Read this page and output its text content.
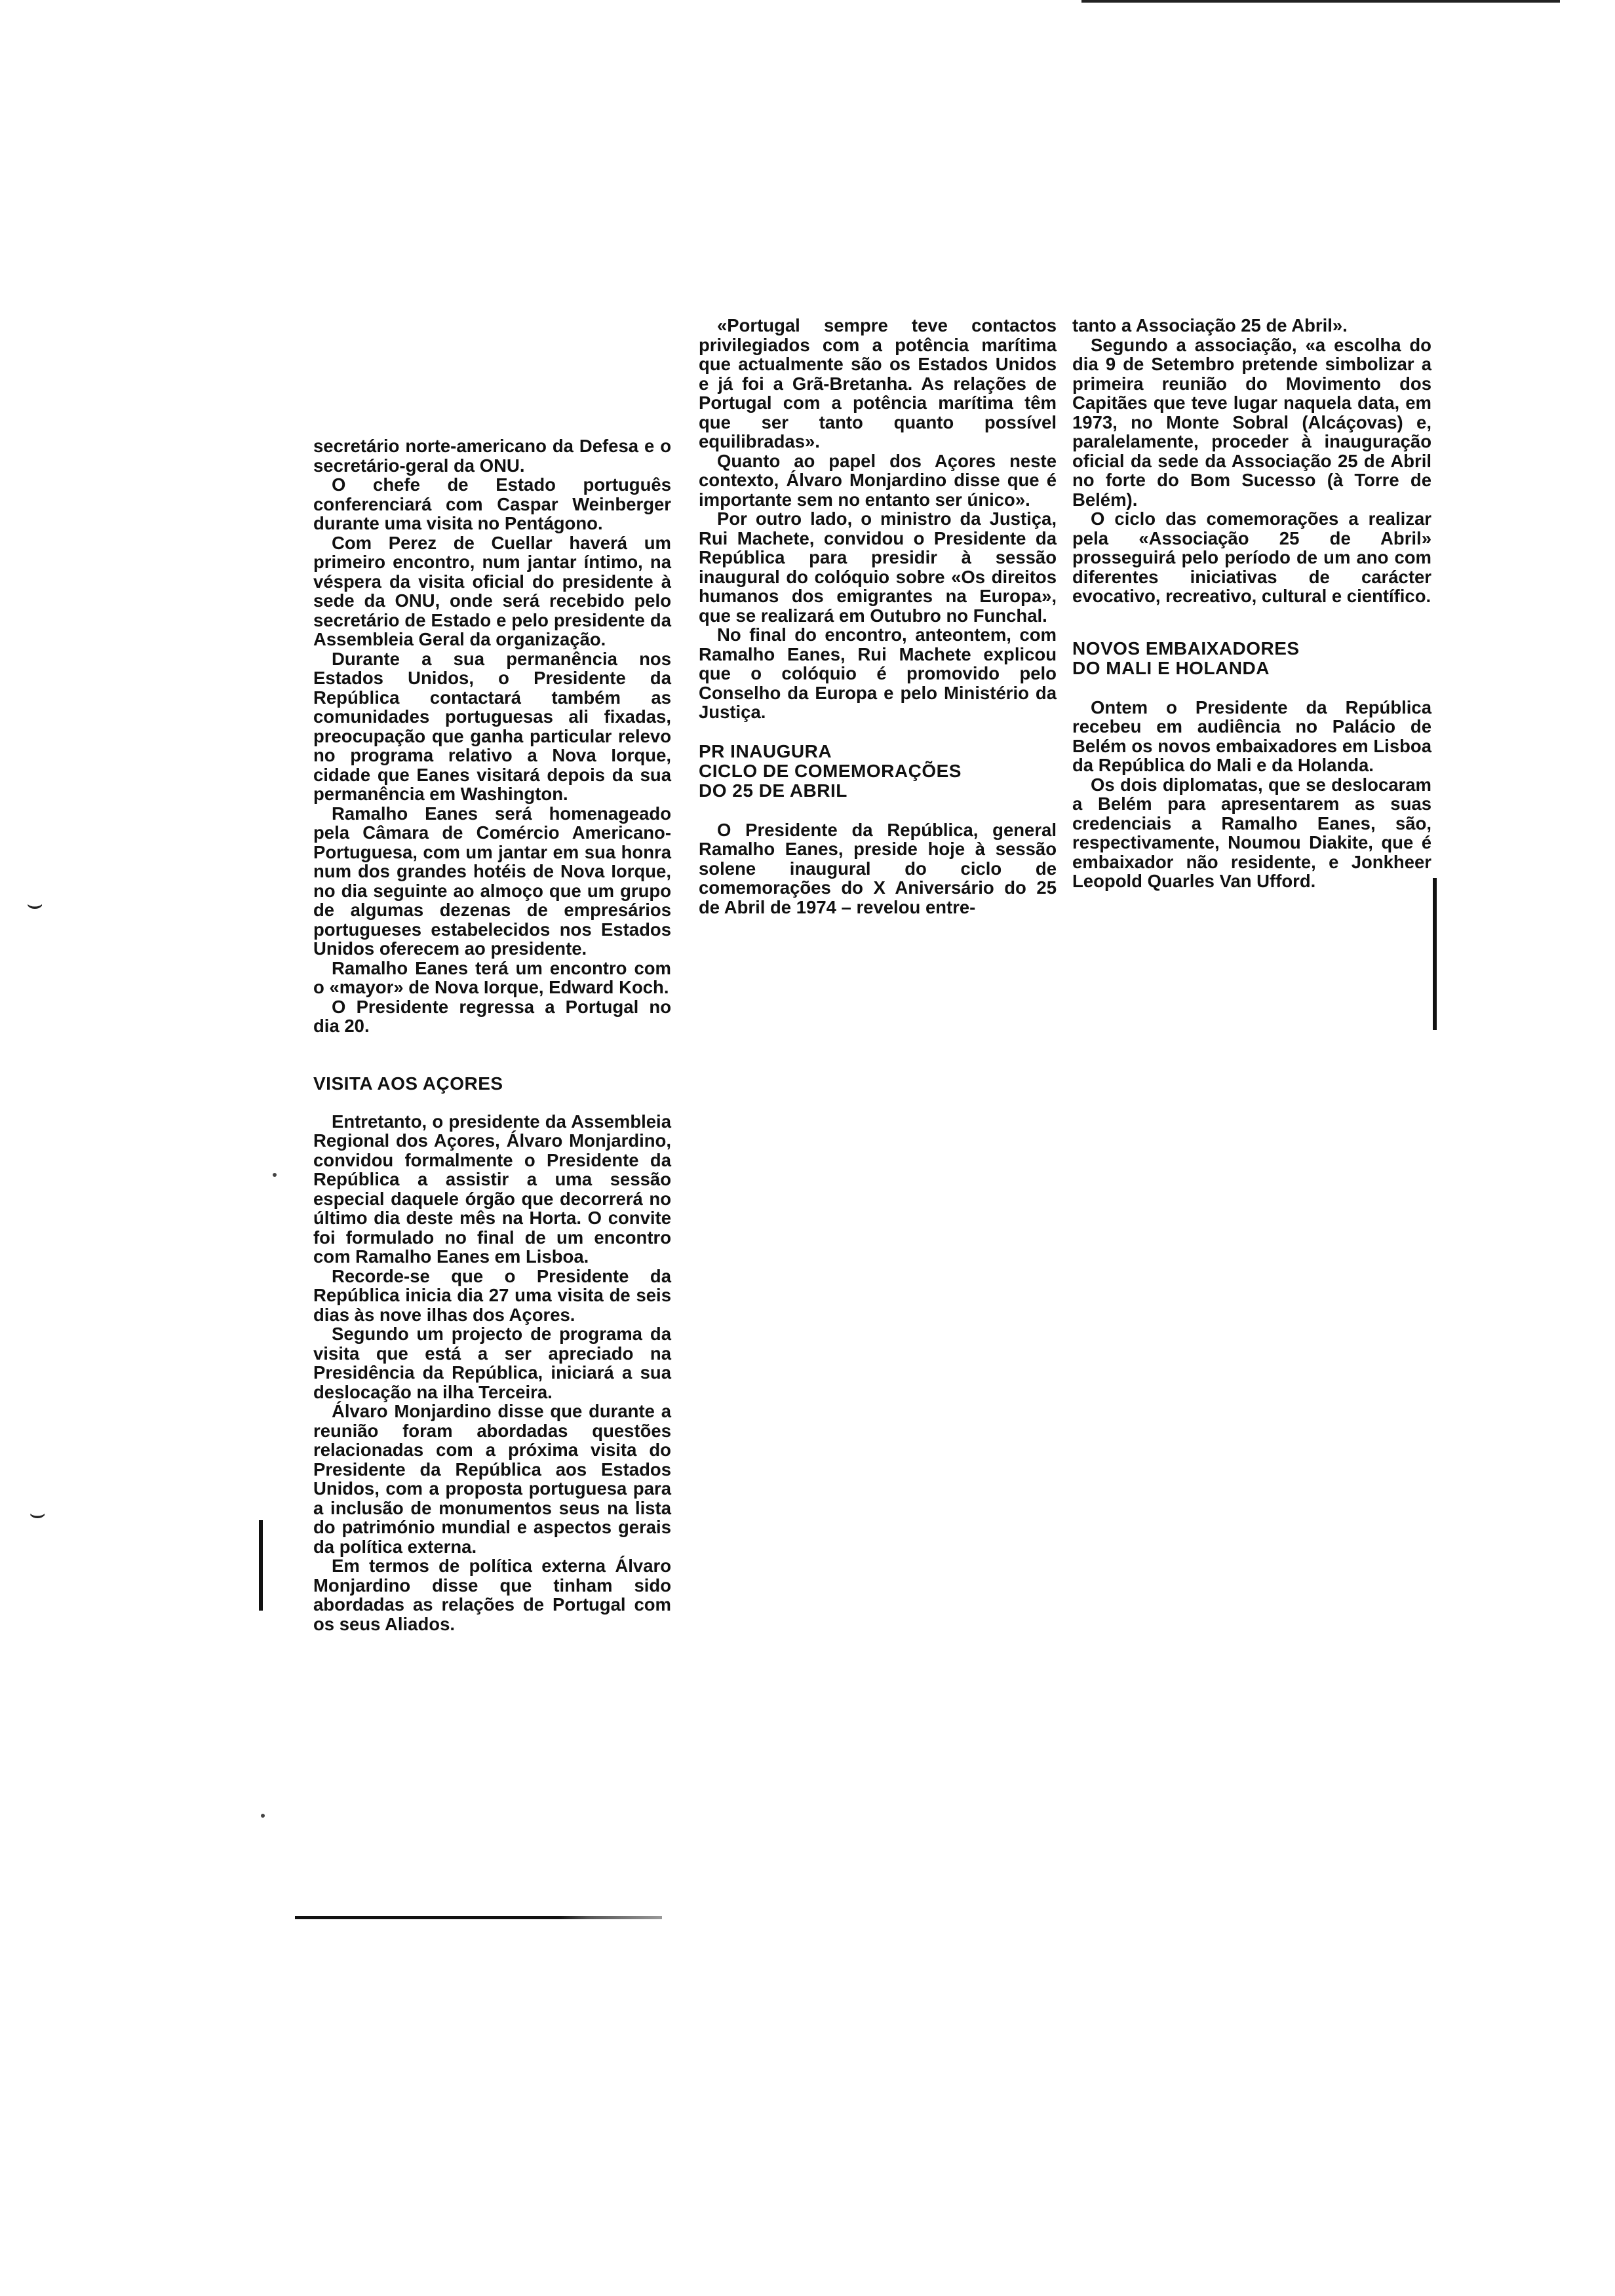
secretário norte-americano da Defesa e o secretário-geral da ONU.

O chefe de Estado português conferenciará com Caspar Weinberger durante uma visita no Pentágono.

Com Perez de Cuellar haverá um primeiro encontro, num jantar íntimo, na véspera da visita oficial do presidente à sede da ONU, onde será recebido pelo secretário de Estado e pelo presidente da Assembleia Geral da organização.

Durante a sua permanência nos Estados Unidos, o Presidente da República contactará também as comunidades portuguesas ali fixadas, preocupação que ganha particular relevo no programa relativo a Nova Iorque, cidade que Eanes visitará depois da sua permanência em Washington.

Ramalho Eanes será homenageado pela Câmara de Comércio Americano-Portuguesa, com um jantar em sua honra num dos grandes hotéis de Nova Iorque, no dia seguinte ao almoço que um grupo de algumas dezenas de empresários portugueses estabelecidos nos Estados Unidos oferecem ao presidente.

Ramalho Eanes terá um encontro com o «mayor» de Nova Iorque, Edward Koch.

O Presidente regressa a Portugal no dia 20.

VISITA AOS AÇORES

Entretanto, o presidente da Assembleia Regional dos Açores, Álvaro Monjardino, convidou formalmente o Presidente da República a assistir a uma sessão especial daquele órgão que decorrerá no último dia deste mês na Horta. O convite foi formulado no final de um encontro com Ramalho Eanes em Lisboa.

Recorde-se que o Presidente da República inicia dia 27 uma visita de seis dias às nove ilhas dos Açores.

Segundo um projecto de programa da visita que está a ser apreciado na Presidência da República, iniciará a sua deslocação na ilha Terceira.

Álvaro Monjardino disse que durante a reunião foram abordadas questões relacionadas com a próxima visita do Presidente da República aos Estados Unidos, com a proposta portuguesa para a inclusão de monumentos seus na lista do património mundial e aspectos gerais da política externa.

Em termos de política externa Álvaro Monjardino disse que tinham sido abordadas as relações de Portugal com os seus Aliados.

«Portugal sempre teve contactos privilegiados com a potência marítima que actualmente são os Estados Unidos e já foi a Grã-Bretanha. As relações de Portugal com a potência marítima têm que ser tanto quanto possível equilibradas».

Quanto ao papel dos Açores neste contexto, Álvaro Monjardino disse que é importante sem no entanto ser único».

Por outro lado, o ministro da Justiça, Rui Machete, convidou o Presidente da República para presidir à sessão inaugural do colóquio sobre «Os direitos humanos dos emigrantes na Europa», que se realizará em Outubro no Funchal.

No final do encontro, anteontem, com Ramalho Eanes, Rui Machete explicou que o colóquio é promovido pelo Conselho da Europa e pelo Ministério da Justiça.

PR INAUGURA
CICLO DE COMEMORAÇÕES
DO 25 DE ABRIL

O Presidente da República, general Ramalho Eanes, preside hoje à sessão solene inaugural do ciclo de comemorações do X Aniversário do 25 de Abril de 1974 – revelou entre-

tanto a Associação 25 de Abril».

Segundo a associação, «a escolha do dia 9 de Setembro pretende simbolizar a primeira reunião do Movimento dos Capitães que teve lugar naquela data, em 1973, no Monte Sobral (Alcáçovas) e, paralelamente, proceder à inauguração oficial da sede da Associação 25 de Abril no forte do Bom Sucesso (à Torre de Belém).

O ciclo das comemorações a realizar pela «Associação 25 de Abril» prosseguirá pelo período de um ano com diferentes iniciativas de carácter evocativo, recreativo, cultural e científico.

NOVOS EMBAIXADORES
DO MALI E HOLANDA

Ontem o Presidente da República recebeu em audiência no Palácio de Belém os novos embaixadores em Lisboa da República do Mali e da Holanda.

Os dois diplomatas, que se deslocaram a Belém para apresentarem as suas credenciais a Ramalho Eanes, são, respectivamente, Noumou Diakite, que é embaixador não residente, e Jonkheer Leopold Quarles Van Ufford.

⌣
⌣
